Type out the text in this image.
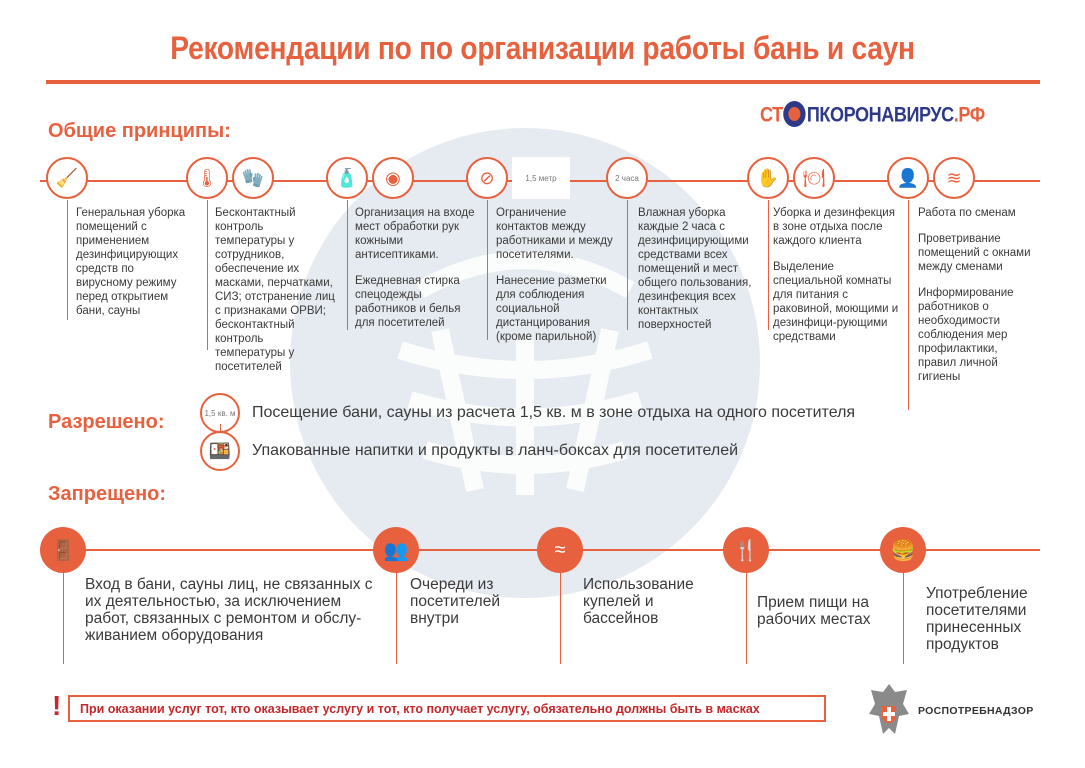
Рекомендации по по организации работы бань и саун
СТ ПКОРОНАВИРУС.РФ
Общие принципы:
Разрешено:
Запрещено:
🧹

Генеральная уборка помещений с применением дезинфицирующих средств по вирусному режиму перед открытием бани, сауны

🌡	🧤

Бесконтактный контроль температуры у сотрудников, обеспечение их масками, перчатками, СИЗ; отстранение лиц с признаками ОРВИ; бесконтактный контроль температуры у посетителей

🧴	◉

Организация на входе мест обработки рук кожными антисептиками.

Ежедневная стирка спецодежды работников и белья для посетителей

⊘	1,5 метр

Ограничение контактов между работниками и между посетителями.

Нанесение разметки для соблюдения социальной дистанцирования (кроме парильной)

2 часа

Влажная уборка каждые 2 часа с дезинфицирующими средствами всех помещений и мест общего пользования, дезинфекция всех контактных поверхностей

✋	🍽

Уборка и дезинфекция в зоне отдыха после каждого клиента

Выделение специальной комнаты для питания с раковиной, моющими и дезинфици-рующими средствами

👤	≋

Работа по сменам

Проветривание помещений с окнами между сменами

Информирование работников о необходимости соблюдения мер профилактики, правил личной гигиены

1,5 кв. м Посещение бани, сауны из расчета 1,5 кв. м в зоне отдыха на одного посетителя
🍱	Упакованные напитки и продукты в ланч-боксах для посетителей
🚪
Вход в бани, сауны лиц, не связанных с их деятельностью, за исключением работ, связанных с ремонтом и обслу-живанием оборудования
👥
Очереди из посетителей внутри
≈
Использование купелей и бассейнов
🍴
Прием пищи на рабочих местах
🍔
Употребление посетителями принесенных продуктов
! При оказании услуг тот, кто оказывает услугу и тот, кто получает услугу, обязательно должны быть в масках	РОСПОТРЕБНАДЗОР
